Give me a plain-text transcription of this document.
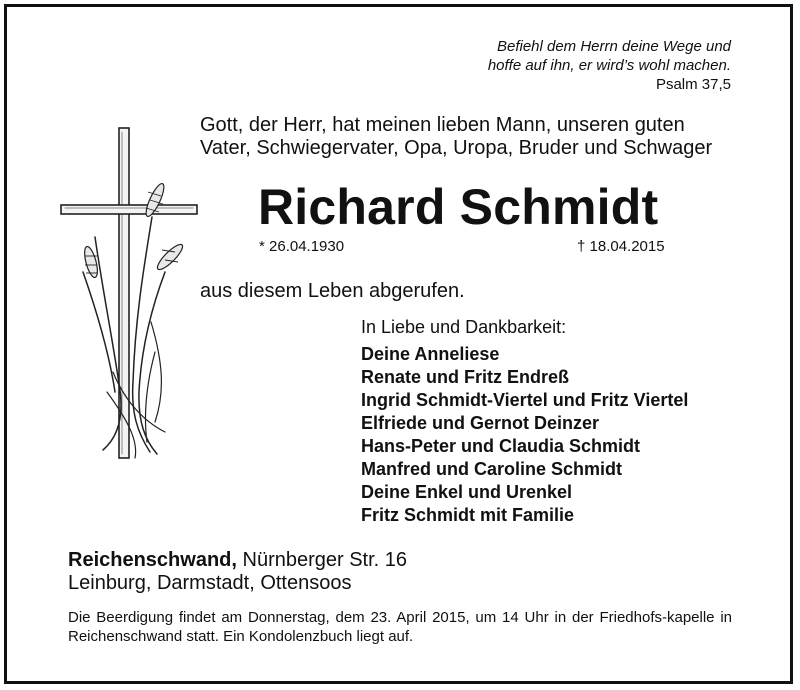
Befiehl dem Herrn deine Wege und
hoffe auf ihn, er wird’s wohl machen.
Psalm 37,5
Gott, der Herr, hat meinen lieben Mann, unseren guten
Vater, Schwiegervater, Opa, Uropa, Bruder und Schwager
Richard Schmidt
* 26.04.1930	† 18.04.2015
aus diesem Leben abgerufen.
In Liebe und Dankbarkeit:
Deine Anneliese
Renate und Fritz Endreß
Ingrid Schmidt-Viertel und Fritz Viertel
Elfriede und Gernot Deinzer
Hans-Peter und Claudia Schmidt
Manfred und Caroline Schmidt
Deine Enkel und Urenkel
Fritz Schmidt mit Familie
Reichenschwand, Nürnberger Str. 16
Leinburg, Darmstadt, Ottensoos
Die Beerdigung findet am Donnerstag, dem 23. April 2015, um 14 Uhr in der Friedhofs-kapelle in Reichenschwand statt. Ein Kondolenzbuch liegt auf.
